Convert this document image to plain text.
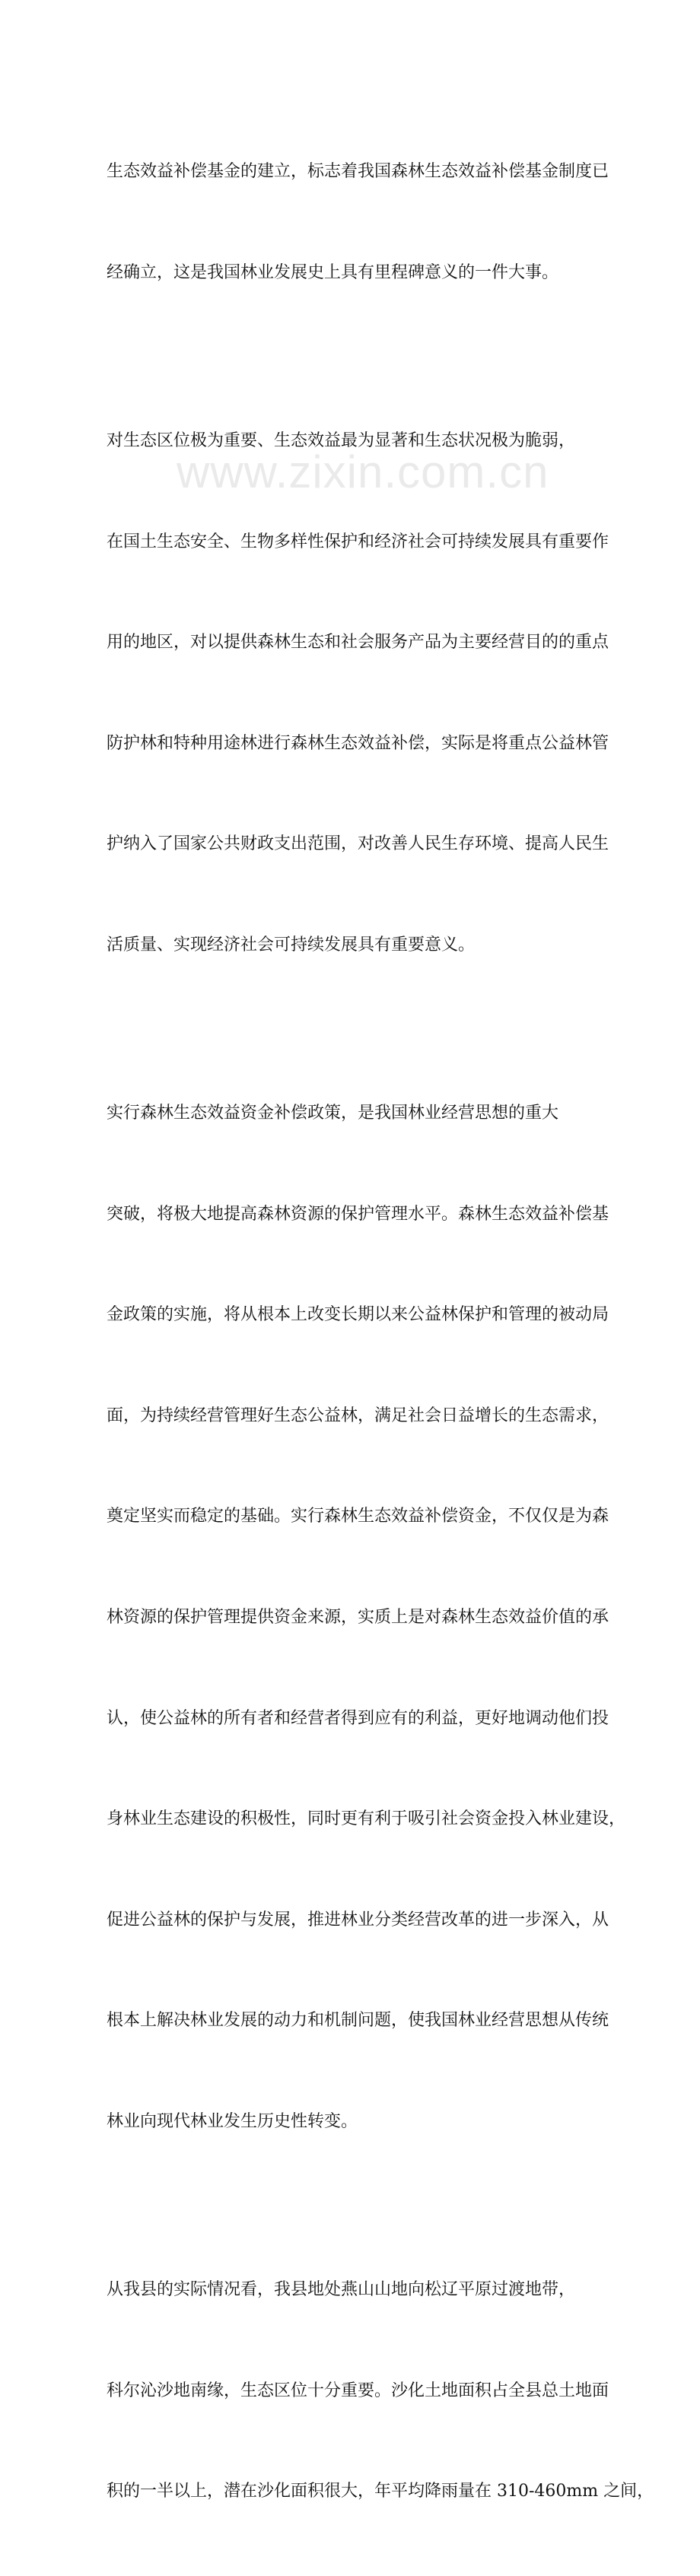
生态效益补偿基金的建立，标志着我国森林生态效益补偿基金制度已

经确立，这是我国林业发展史上具有里程碑意义的一件大事。

对生态区位极为重要、生态效益最为显著和生态状况极为脆弱，

在国土生态安全、生物多样性保护和经济社会可持续发展具有重要作

用的地区，对以提供森林生态和社会服务产品为主要经营目的的重点

防护林和特种用途林进行森林生态效益补偿，实际是将重点公益林管

护纳入了国家公共财政支出范围，对改善人民生存环境、提高人民生

活质量、实现经济社会可持续发展具有重要意义。

实行森林生态效益资金补偿政策，是我国林业经营思想的重大

突破，将极大地提高森林资源的保护管理水平。森林生态效益补偿基

金政策的实施，将从根本上改变长期以来公益林保护和管理的被动局

面，为持续经营管理好生态公益林，满足社会日益增长的生态需求，

奠定坚实而稳定的基础。实行森林生态效益补偿资金，不仅仅是为森

林资源的保护管理提供资金来源，实质上是对森林生态效益价值的承

认，使公益林的所有者和经营者得到应有的利益，更好地调动他们投

身林业生态建设的积极性，同时更有利于吸引社会资金投入林业建设，

促进公益林的保护与发展，推进林业分类经营改革的进一步深入，从

根本上解决林业发展的动力和机制问题，使我国林业经营思想从传统

林业向现代林业发生历史性转变。

从我县的实际情况看，我县地处燕山山地向松辽平原过渡地带，

科尔沁沙地南缘，生态区位十分重要。沙化土地面积占全县总土地面

积的一半以上，潜在沙化面积很大，年平均降雨量在 310-460mm 之间，

www.zixin.com.cn
